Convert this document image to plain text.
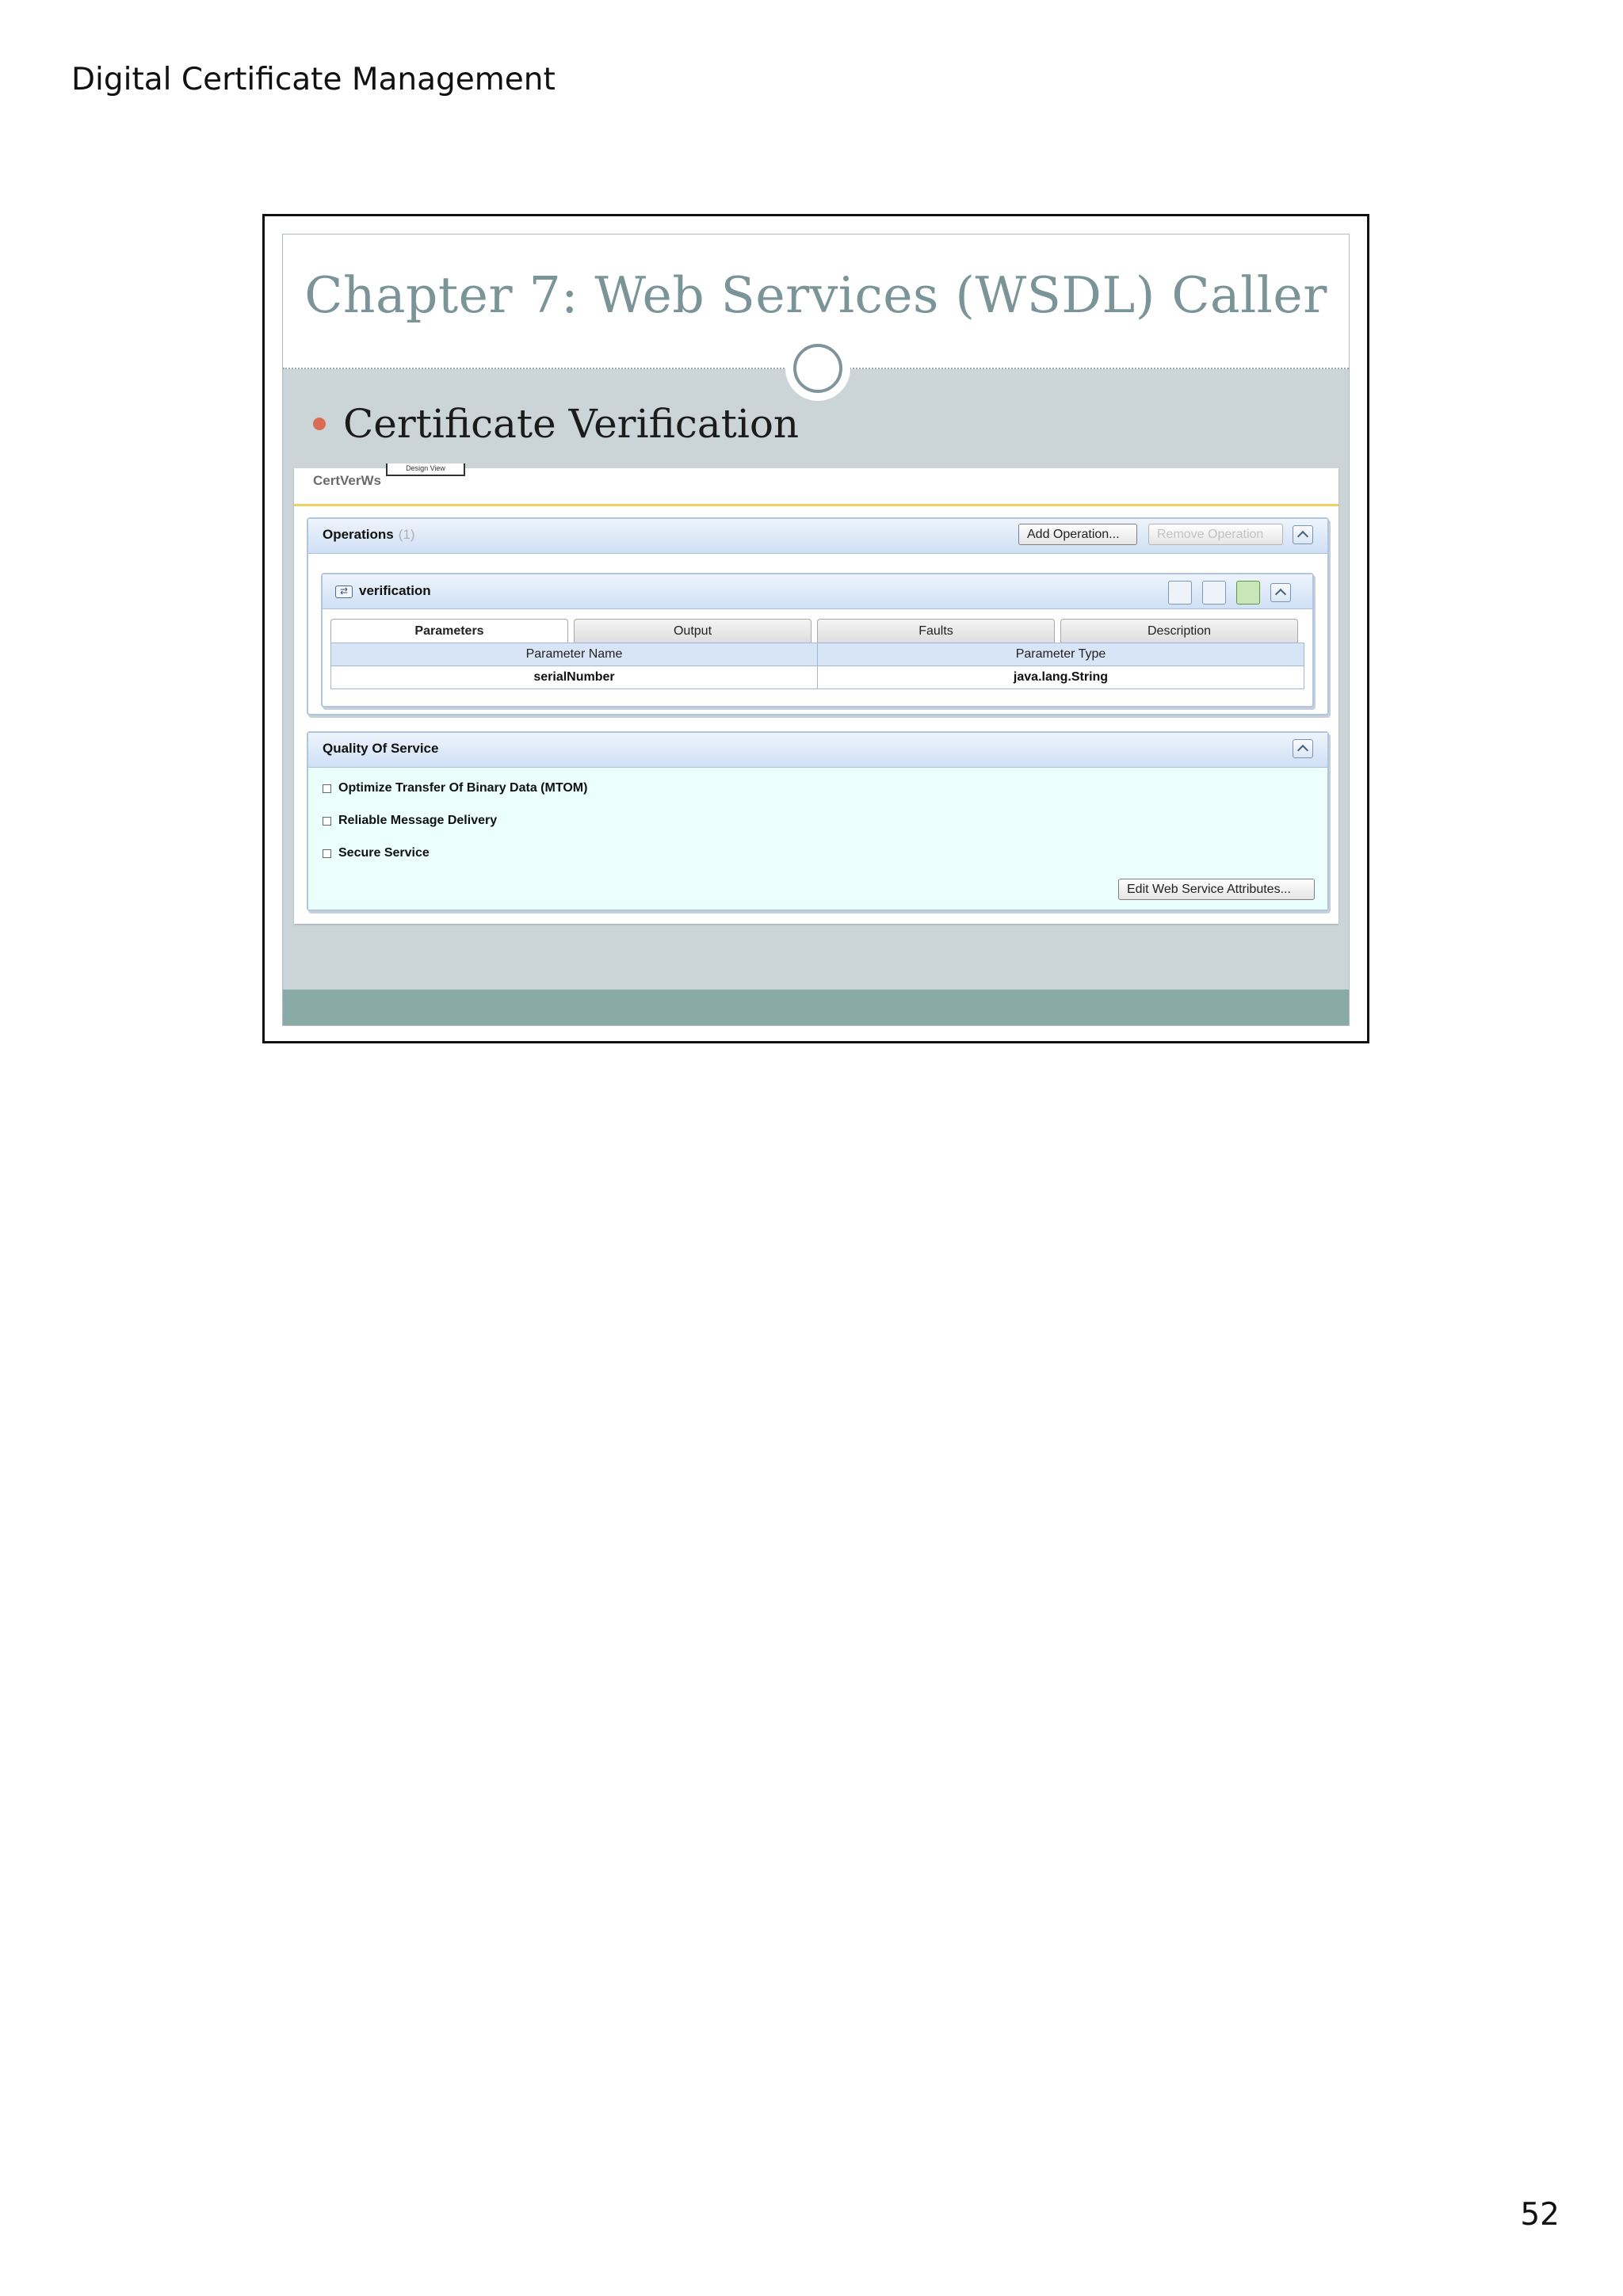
Digital Certificate Management
Chapter 7: Web Services (WSDL) Caller
Certificate Verification
CertVerWs
Design View
Operations (1)	Add Operation...	Remove Operation
⇄ verification
Parameters	Output	Faults	Description
Parameter Name	Parameter Type
serialNumber	java.lang.String
Quality Of Service
Optimize Transfer Of Binary Data (MTOM)
Reliable Message Delivery
Secure Service
Edit Web Service Attributes...
52
